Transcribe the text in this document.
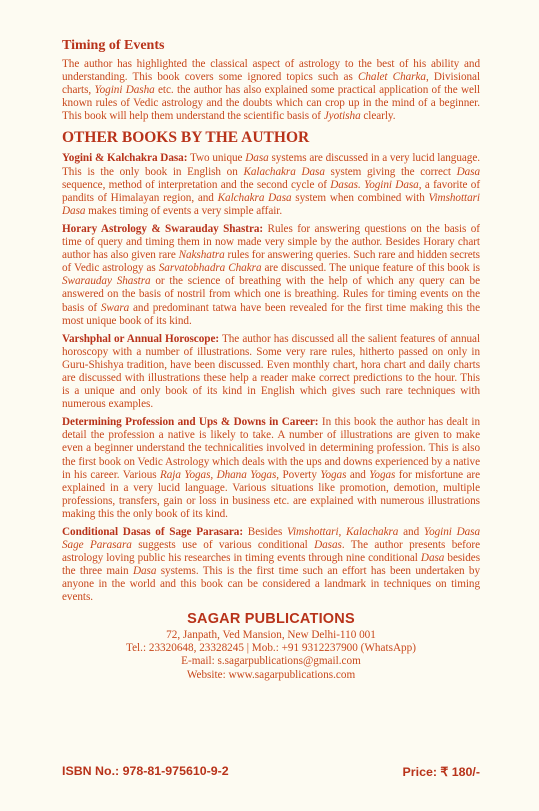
Timing of Events

The author has highlighted the classical aspect of astrology to the best of his ability and understanding. This book covers some ignored topics such as Chalet Charka, Divisional charts, Yogini Dasha etc. the author has also explained some practical application of the well known rules of Vedic astrology and the doubts which can crop up in the mind of a beginner. This book will help them understand the scientific basis of Jyotisha clearly.

OTHER BOOKS BY THE AUTHOR

Yogini & Kalchakra Dasa: Two unique Dasa systems are discussed in a very lucid language. This is the only book in English on Kalachakra Dasa system giving the correct Dasa sequence, method of interpretation and the second cycle of Dasas. Yogini Dasa, a favorite of pandits of Himalayan region, and Kalchakra Dasa system when combined with Vimshottari Dasa makes timing of events a very simple affair.

Horary Astrology & Swarauday Shastra: Rules for answering questions on the basis of time of query and timing them in now made very simple by the author. Besides Horary chart author has also given rare Nakshatra rules for answering queries. Such rare and hidden secrets of Vedic astrology as Sarvatobhadra Chakra are discussed. The unique feature of this book is Swarauday Shastra or the science of breathing with the help of which any query can be answered on the basis of nostril from which one is breathing. Rules for timing events on the basis of Swara and predominant tatwa have been revealed for the first time making this the most unique book of its kind.

Varshphal or Annual Horoscope: The author has discussed all the salient features of annual horoscopy with a number of illustrations. Some very rare rules, hitherto passed on only in Guru-Shishya tradition, have been discussed. Even monthly chart, hora chart and daily charts are discussed with illustrations these help a reader make correct predictions to the hour. This is a unique and only book of its kind in English which gives such rare techniques with numerous examples.

Determining Profession and Ups & Downs in Career: In this book the author has dealt in detail the profession a native is likely to take. A number of illustrations are given to make even a beginner understand the technicalities involved in determining profession. This is also the first book on Vedic Astrology which deals with the ups and downs experienced by a native in his career. Various Raja Yogas, Dhana Yogas, Poverty Yogas and Yogas for misfortune are explained in a very lucid language. Various situations like promotion, demotion, multiple professions, transfers, gain or loss in business etc. are explained with numerous illustrations making this the only book of its kind.

Conditional Dasas of Sage Parasara: Besides Vimshottari, Kalachakra and Yogini Dasa Sage Parasara suggests use of various conditional Dasas. The author presents before astrology loving public his researches in timing events through nine conditional Dasa besides the three main Dasa systems. This is the first time such an effort has been undertaken by anyone in the world and this book can be considered a landmark in techniques on timing events.

SAGAR PUBLICATIONS
72, Janpath, Ved Mansion, New Delhi-110 001
Tel.: 23320648, 23328245 | Mob.: +91 9312237900 (WhatsApp)
E-mail: s.sagarpublications@gmail.com
Website: www.sagarpublications.com
ISBN No.: 978-81-975610-9-2	Price: ₹ 180/-
